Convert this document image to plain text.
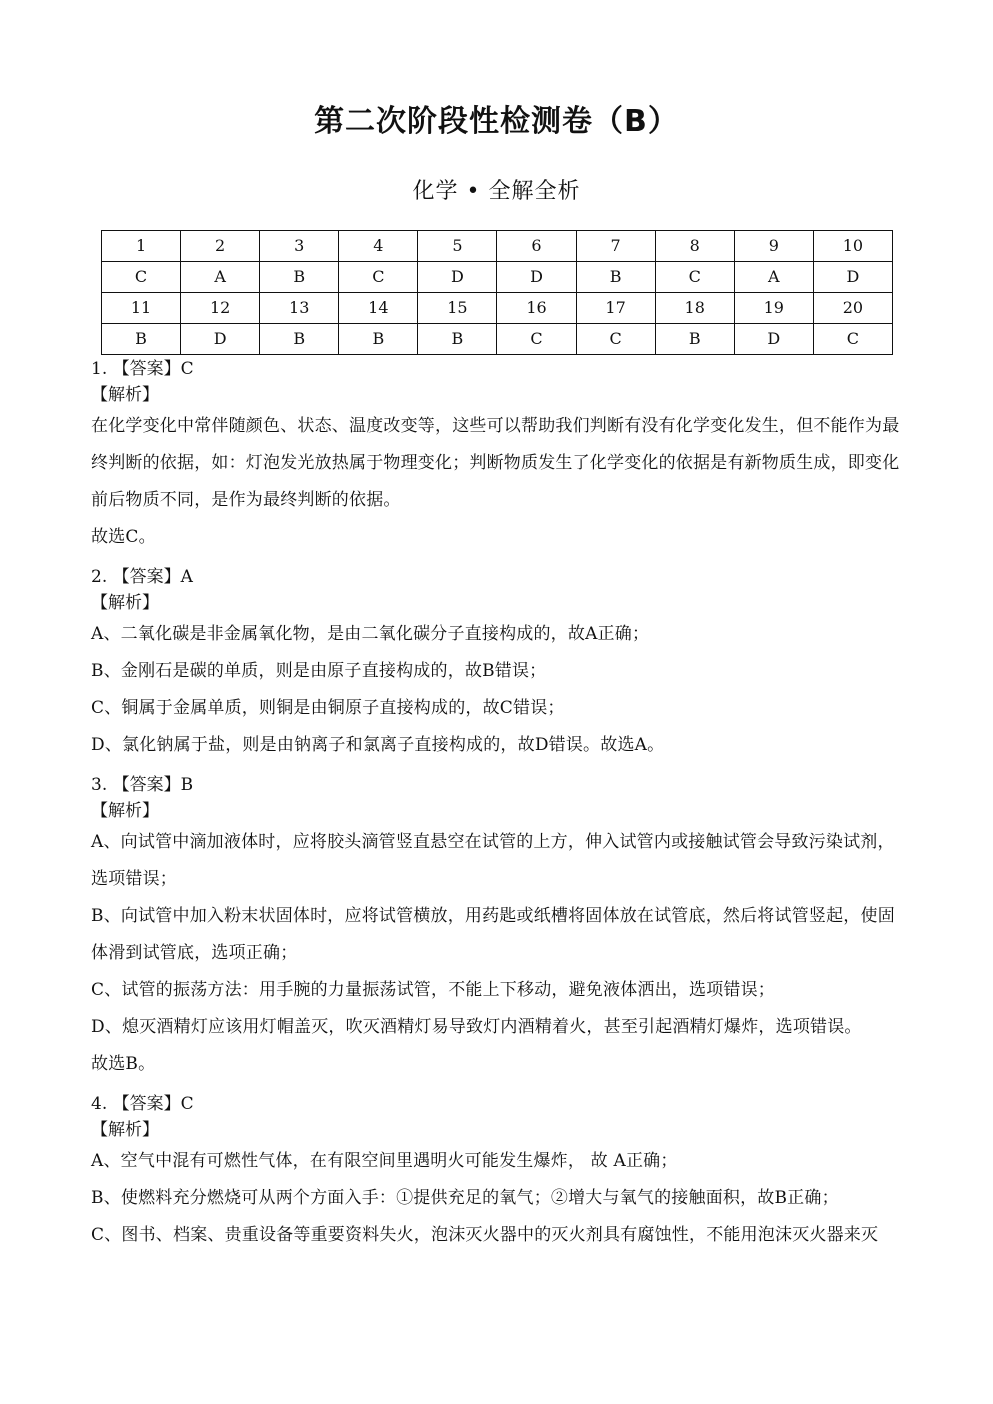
第二次阶段性检测卷（B）
化学 • 全解全析
1	2	3	4	5	6	7	8	9	10
C	A	B	C	D	D	B	C	A	D
11	12	13	14	15	16	17	18	19	20
B	D	B	B	B	C	C	B	D	C
1. 【答案】C
【解析】
在化学变化中常伴随颜色、状态、温度改变等，这些可以帮助我们判断有没有化学变化发生，但不能作为最终判断的依据，如：灯泡发光放热属于物理变化；判断物质发生了化学变化的依据是有新物质生成，即变化前后物质不同，是作为最终判断的依据。
故选C。
2. 【答案】A
【解析】
A、二氧化碳是非金属氧化物，是由二氧化碳分子直接构成的，故A正确；
B、金刚石是碳的单质，则是由原子直接构成的，故B错误；
C、铜属于金属单质，则铜是由铜原子直接构成的，故C错误；
D、氯化钠属于盐，则是由钠离子和氯离子直接构成的，故D错误。故选A。
3. 【答案】B
【解析】
A、向试管中滴加液体时，应将胶头滴管竖直悬空在试管的上方，伸入试管内或接触试管会导致污染试剂，选项错误；
B、向试管中加入粉末状固体时，应将试管横放，用药匙或纸槽将固体放在试管底，然后将试管竖起，使固体滑到试管底，选项正确；
C、试管的振荡方法：用手腕的力量振荡试管，不能上下移动，避免液体洒出，选项错误；
D、熄灭酒精灯应该用灯帽盖灭，吹灭酒精灯易导致灯内酒精着火，甚至引起酒精灯爆炸，选项错误。
故选B。
4. 【答案】C
【解析】
A、空气中混有可燃性气体，在有限空间里遇明火可能发生爆炸， 故 A正确；
B、使燃料充分燃烧可从两个方面入手：①提供充足的氧气；②增大与氧气的接触面积，故B正确；
C、图书、档案、贵重设备等重要资料失火，泡沫灭火器中的灭火剂具有腐蚀性，不能用泡沫灭火器来灭
